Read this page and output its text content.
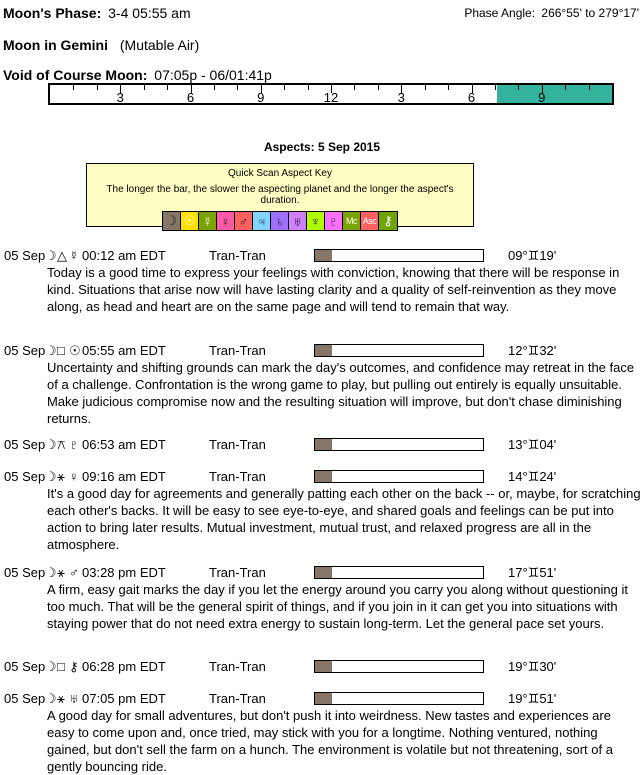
Moon's Phase: 3-4 05:55 am	Phase Angle: 266°55' to 279°17'
Moon in Gemini (Mutable Air)
Void of Course Moon: 07:05p - 06/01:41p
3	6	9	12	3	6	9
Aspects: 5 Sep 2015
Quick Scan Aspect Key
The longer the bar, the slower the aspecting planet and the longer the aspect's duration.
☽ ☉ ☿ ♀ ♂ ♃ ♄ ♅ ♆ ♇ Mc Asc ⚷
05 Sep ☽ △ ☿ 00:12 am EDT	Tran-Tran	09°♊19'
Today is a good time to express your feelings with conviction, knowing that there will be response in kind. Situations that arise now will have lasting clarity and a quality of self-reinvention as they move along, as head and heart are on the same page and will tend to remain that way.
05 Sep ☽ □ ☉ 05:55 am EDT	Tran-Tran	12°♊32'
Uncertainty and shifting grounds can mark the day's outcomes, and confidence may retreat in the face of a challenge. Confrontation is the wrong game to play, but pulling out entirely is equally unsuitable. Make judicious compromise now and the resulting situation will improve, but don't chase diminishing returns.
05 Sep ☽ ⚻ ♇ 06:53 am EDT	Tran-Tran	13°♊04'
05 Sep ☽ ⚹ ♀ 09:16 am EDT	Tran-Tran	14°♊24'
It's a good day for agreements and generally patting each other on the back -- or, maybe, for scratching each other's backs. It will be easy to see eye-to-eye, and shared goals and feelings can be put into action to bring later results. Mutual investment, mutual trust, and relaxed progress are all in the atmosphere.
05 Sep ☽ ⚹ ♂ 03:28 pm EDT	Tran-Tran	17°♊51'
A firm, easy gait marks the day if you let the energy around you carry you along without questioning it too much. That will be the general spirit of things, and if you join in it can get you into situations with staying power that do not need extra energy to sustain long-term. Let the general pace set yours.
05 Sep ☽ □ ⚷ 06:28 pm EDT	Tran-Tran	19°♊30'
05 Sep ☽ ⚹ ♅ 07:05 pm EDT	Tran-Tran	19°♊51'
A good day for small adventures, but don't push it into weirdness. New tastes and experiences are easy to come upon and, once tried, may stick with you for a longtime. Nothing ventured, nothing gained, but don't sell the farm on a hunch. The environment is volatile but not threatening, sort of a gently bouncing ride.
